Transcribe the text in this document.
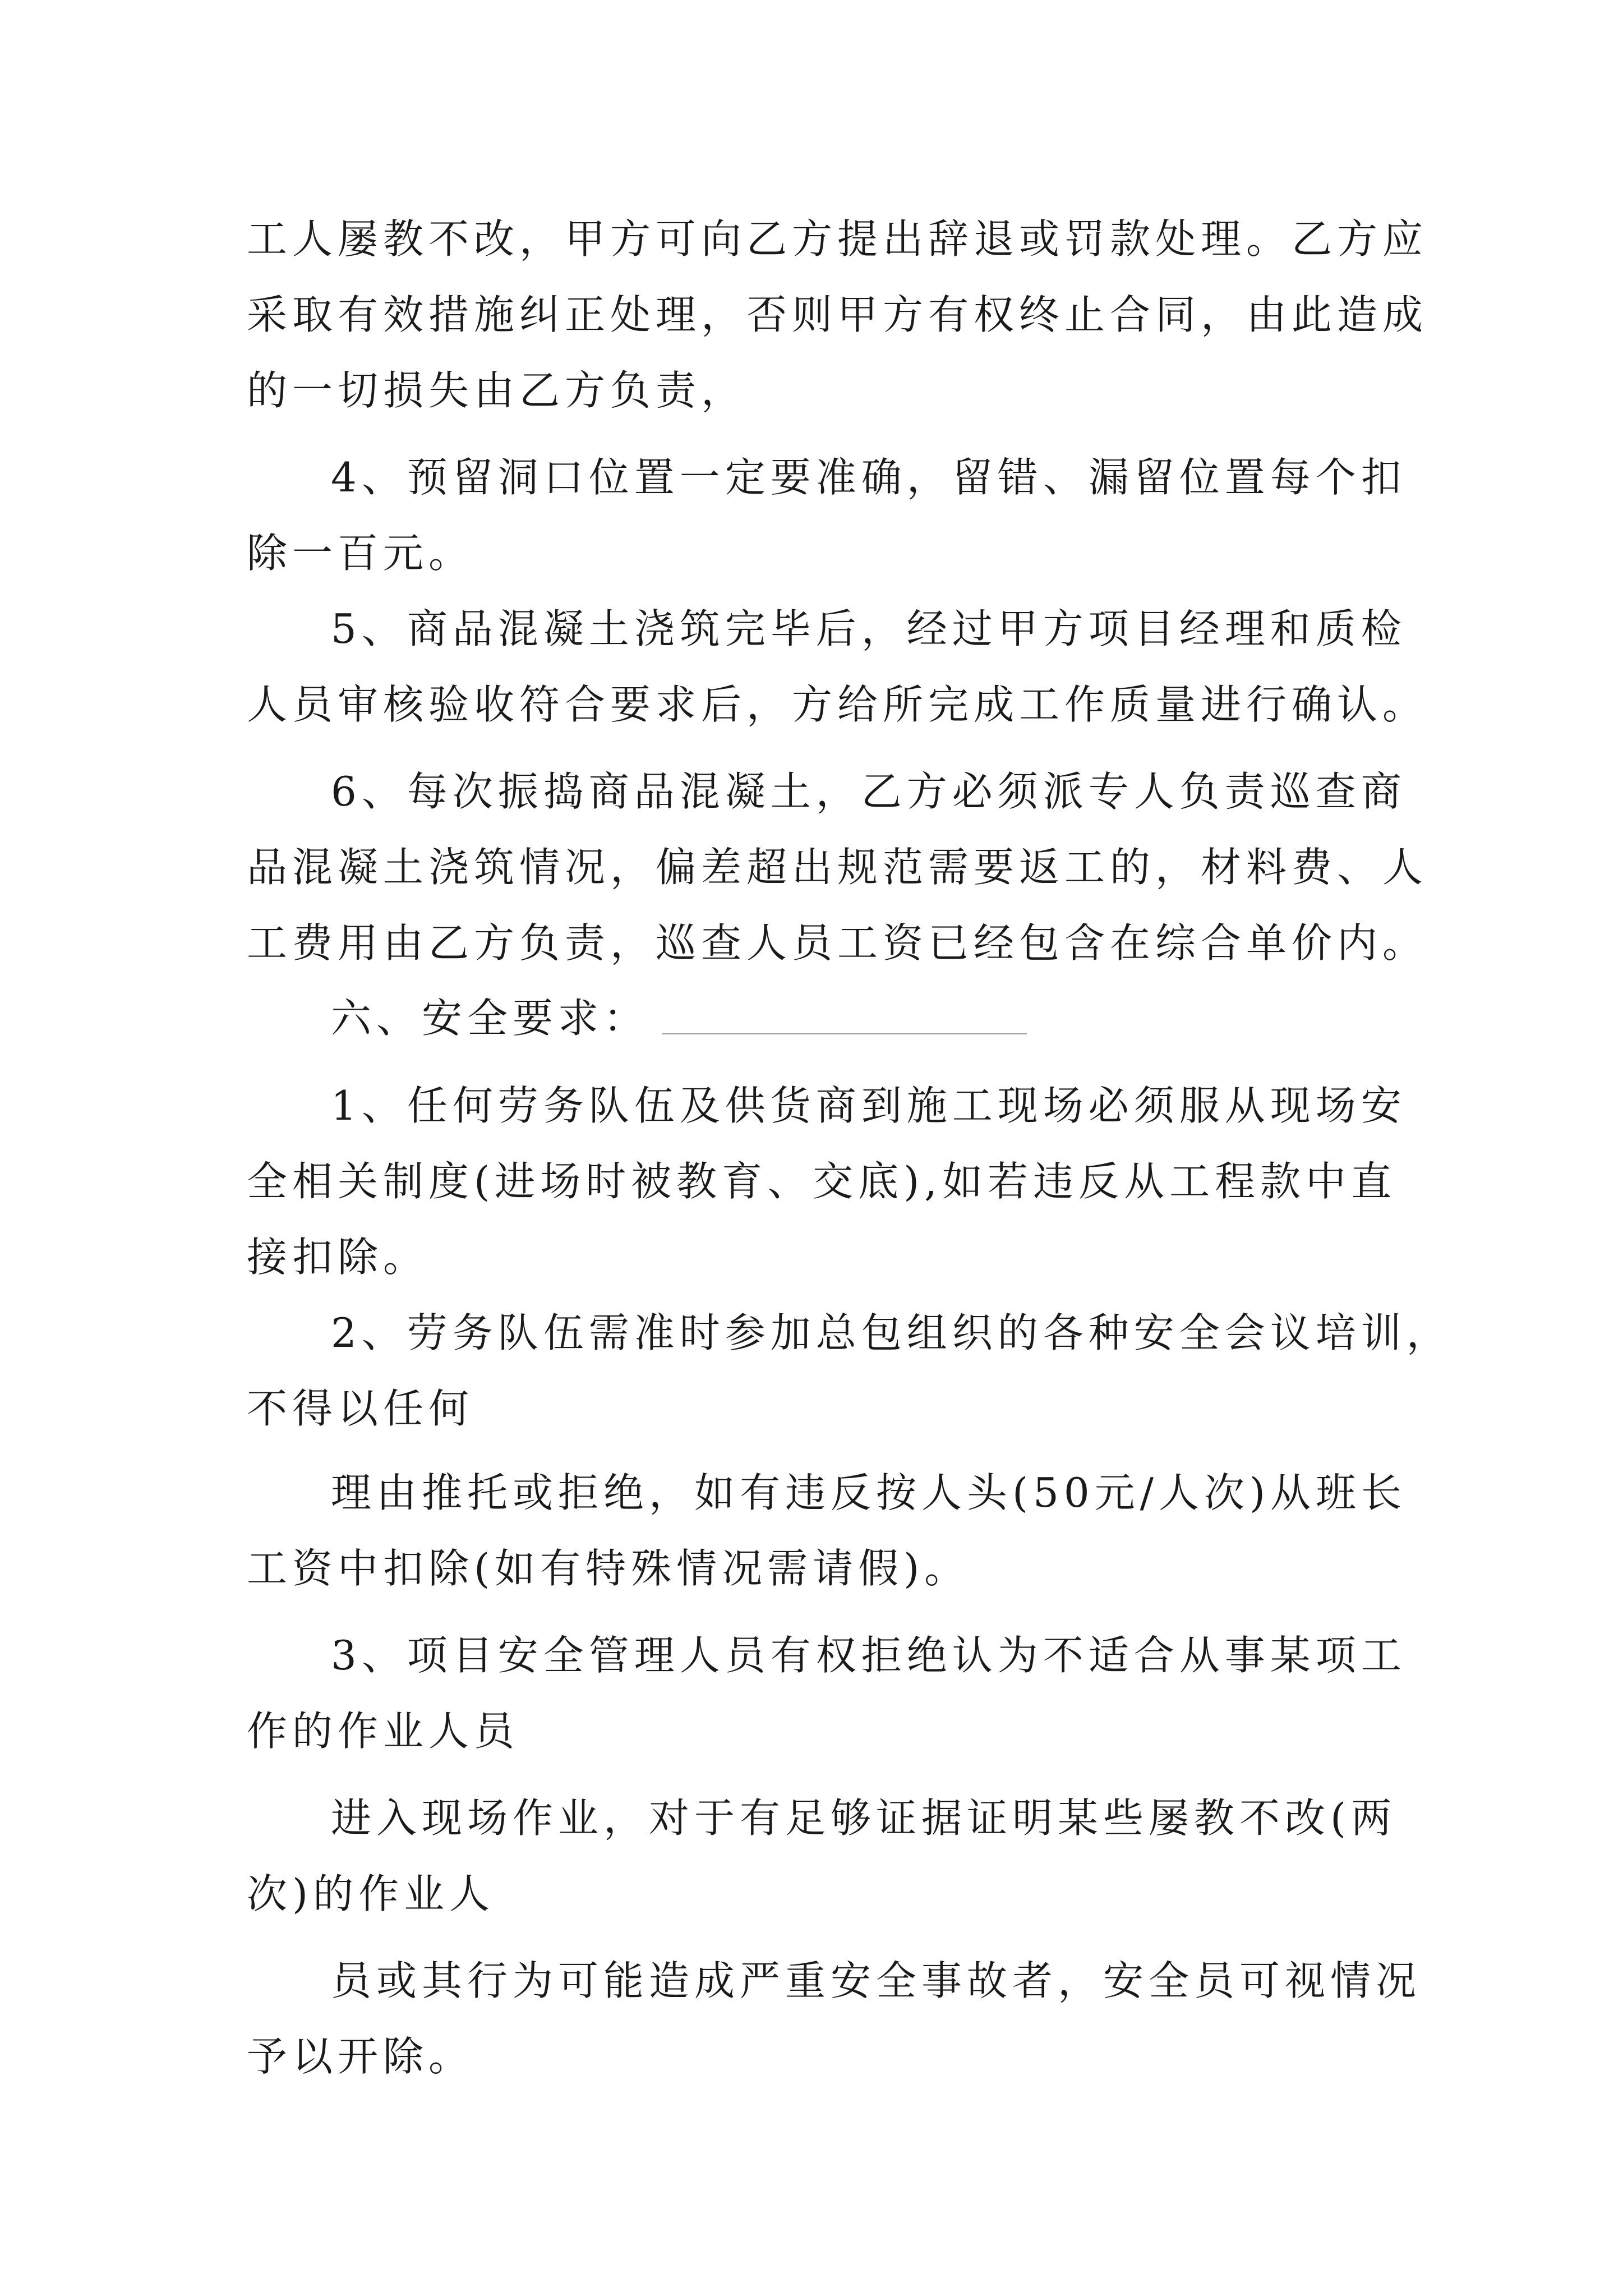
工人屡教不改，甲方可向乙方提出辞退或罚款处理。乙方应
采取有效措施纠正处理，否则甲方有权终止合同，由此造成
的一切损失由乙方负责，
4、预留洞口位置一定要准确，留错、漏留位置每个扣
除一百元。
5、商品混凝土浇筑完毕后，经过甲方项目经理和质检
人员审核验收符合要求后，方给所完成工作质量进行确认。
6、每次振捣商品混凝土，乙方必须派专人负责巡查商
品混凝土浇筑情况，偏差超出规范需要返工的，材料费、人
工费用由乙方负责，巡查人员工资已经包含在综合单价内。
六、安全要求：
1、任何劳务队伍及供货商到施工现场必须服从现场安
全相关制度(进场时被教育、交底),如若违反从工程款中直
接扣除。
2、劳务队伍需准时参加总包组织的各种安全会议培训，
不得以任何
理由推托或拒绝，如有违反按人头(50元/人次)从班长
工资中扣除(如有特殊情况需请假)。
3、项目安全管理人员有权拒绝认为不适合从事某项工
作的作业人员
进入现场作业，对于有足够证据证明某些屡教不改(两
次)的作业人
员或其行为可能造成严重安全事故者，安全员可视情况
予以开除。
